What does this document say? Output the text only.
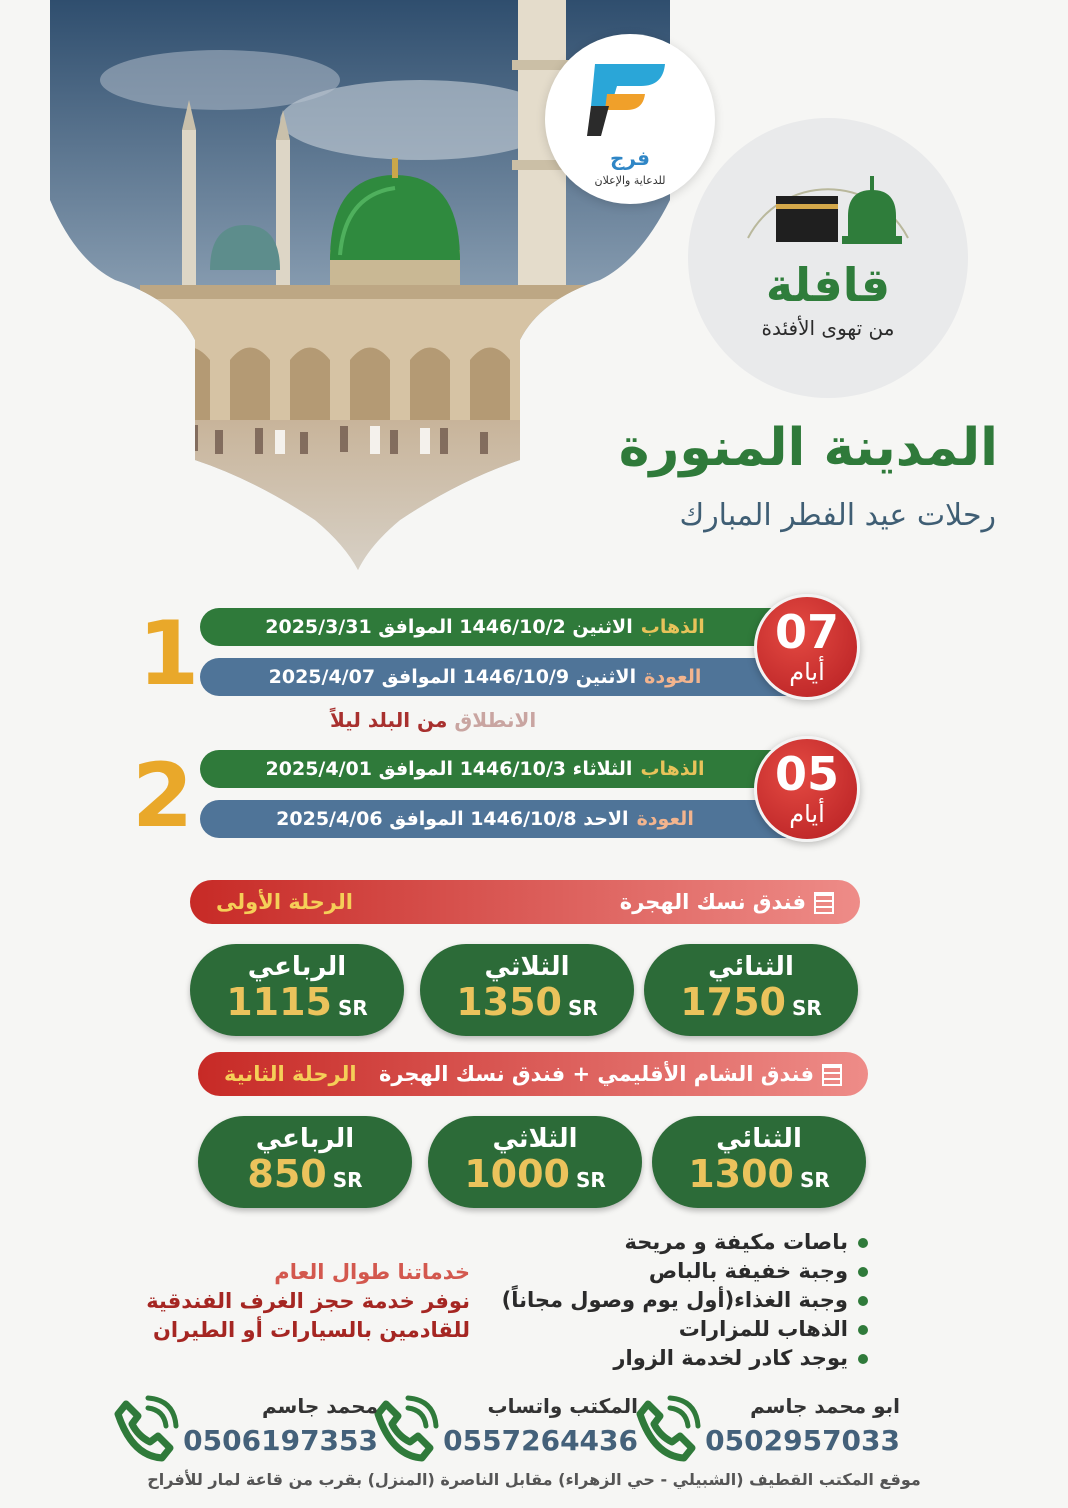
فرج
للدعاية والإعلان
قافلة
من تهوى الأفئدة
المدينة المنورة
رحلات عيد الفطر المبارك
الذهاب
الاثنين 1446/10/2 الموافق 2025/3/31
العودة
الاثنين 1446/10/9 الموافق 2025/4/07
07
أيام
1
الانطلاق من البلد ليلاً
الذهاب
الثلاثاء 1446/10/3 الموافق 2025/4/01
العودة
الاحد 1446/10/8 الموافق 2025/4/06
05
أيام
2
فندق نسك الهجرة
الرحلة الأولى
الثنائي
1750 SR
الثلاثي
1350 SR
الرباعي
1115 SR
فندق الشام الأقليمي + فندق نسك الهجرة
الرحلة الثانية
الثنائي
1300 SR
الثلاثي
1000 SR
الرباعي
850 SR
باصات مكيفة و مريحة
وجبة خفيفة بالباص
وجبة الغذاء(أول يوم وصول مجاناً)
الذهاب للمزارات
يوجد كادر لخدمة الزوار
خدماتنا طوال العام
نوفر خدمة حجز الغرف الفندقية
للقادمين بالسيارات أو الطيران
ابو محمد جاسم
0502957033
المكتب واتساب
0557264436
محمد جاسم
0506197353
موقع المكتب القطيف (الشبيلي - حي الزهراء) مقابل الناصرة (المنزل) بقرب من قاعة لمار للأفراح
